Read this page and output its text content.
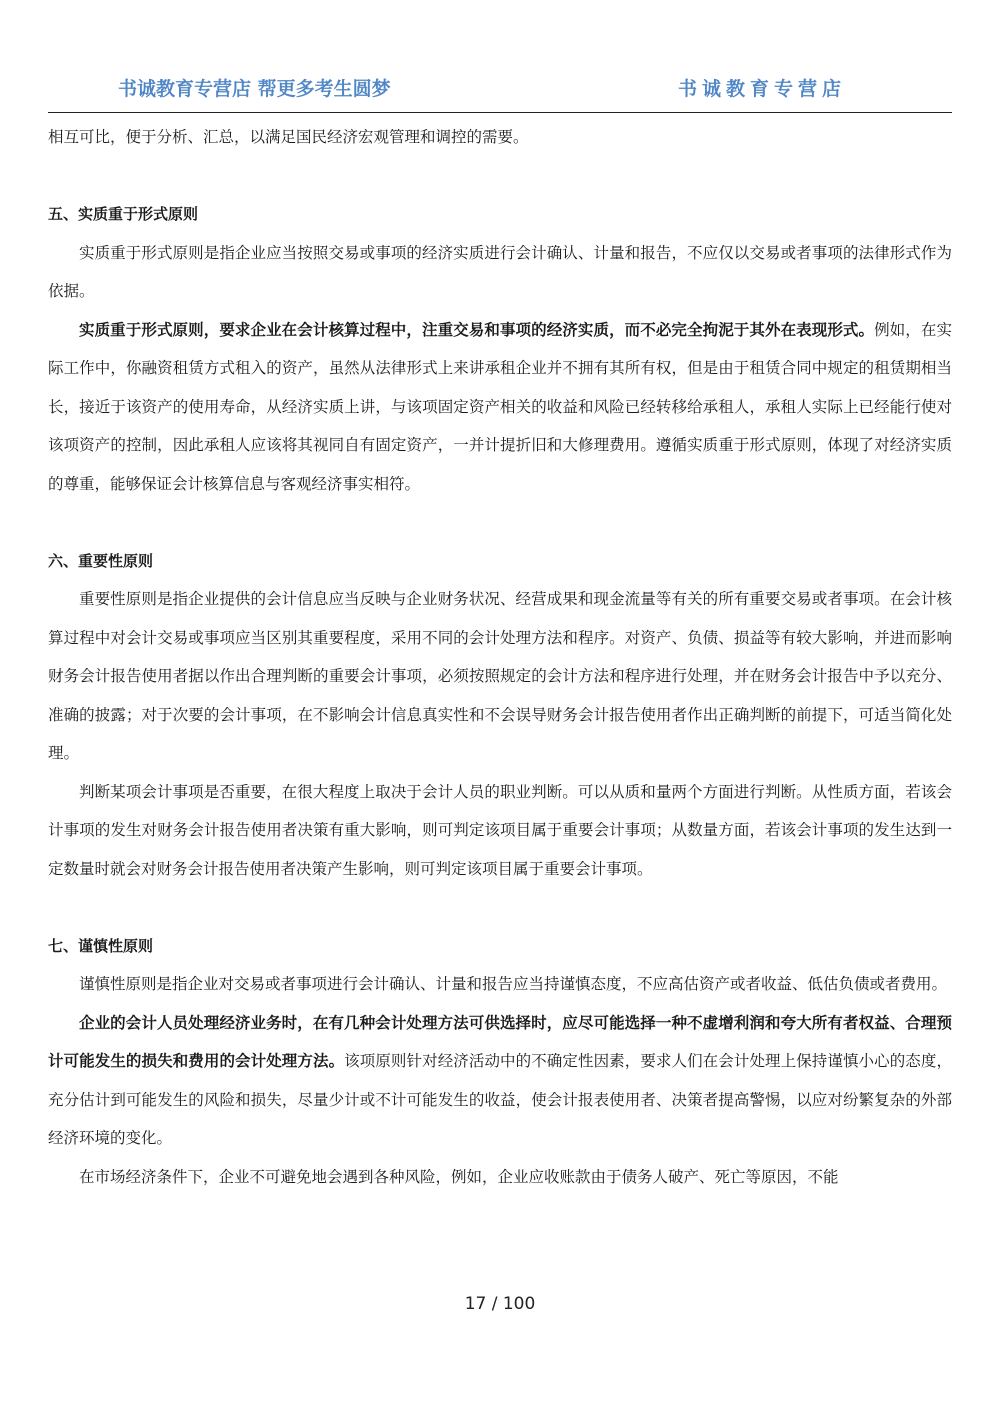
书诚教育专营店 帮更多考生圆梦	书诚教育专营店

相互可比，便于分析、汇总，以满足国民经济宏观管理和调控的需要。

五、实质重于形式原则

实质重于形式原则是指企业应当按照交易或事项的经济实质进行会计确认、计量和报告，不应仅以交易或者事项的法律形式作为依据。

实质重于形式原则，要求企业在会计核算过程中，注重交易和事项的经济实质，而不必完全拘泥于其外在表现形式。例如，在实际工作中，你融资租赁方式租入的资产，虽然从法律形式上来讲承租企业并不拥有其所有权，但是由于租赁合同中规定的租赁期相当长，接近于该资产的使用寿命，从经济实质上讲，与该项固定资产相关的收益和风险已经转移给承租人，承租人实际上已经能行使对该项资产的控制，因此承租人应该将其视同自有固定资产，一并计提折旧和大修理费用。遵循实质重于形式原则，体现了对经济实质的尊重，能够保证会计核算信息与客观经济事实相符。

六、重要性原则

重要性原则是指企业提供的会计信息应当反映与企业财务状况、经营成果和现金流量等有关的所有重要交易或者事项。在会计核算过程中对会计交易或事项应当区别其重要程度，采用不同的会计处理方法和程序。对资产、负债、损益等有较大影响，并进而影响财务会计报告使用者据以作出合理判断的重要会计事项，必须按照规定的会计方法和程序进行处理，并在财务会计报告中予以充分、准确的披露；对于次要的会计事项，在不影响会计信息真实性和不会误导财务会计报告使用者作出正确判断的前提下，可适当简化处理。

判断某项会计事项是否重要，在很大程度上取决于会计人员的职业判断。可以从质和量两个方面进行判断。从性质方面，若该会计事项的发生对财务会计报告使用者决策有重大影响，则可判定该项目属于重要会计事项；从数量方面，若该会计事项的发生达到一定数量时就会对财务会计报告使用者决策产生影响，则可判定该项目属于重要会计事项。

七、谨慎性原则

谨慎性原则是指企业对交易或者事项进行会计确认、计量和报告应当持谨慎态度，不应高估资产或者收益、低估负债或者费用。

企业的会计人员处理经济业务时，在有几种会计处理方法可供选择时，应尽可能选择一种不虚增利润和夸大所有者权益、合理预计可能发生的损失和费用的会计处理方法。该项原则针对经济活动中的不确定性因素，要求人们在会计处理上保持谨慎小心的态度，充分估计到可能发生的风险和损失，尽量少计或不计可能发生的收益，使会计报表使用者、决策者提高警惕，以应对纷繁复杂的外部经济环境的变化。

在市场经济条件下，企业不可避免地会遇到各种风险，例如，企业应收账款由于债务人破产、死亡等原因，不能

17 / 100
